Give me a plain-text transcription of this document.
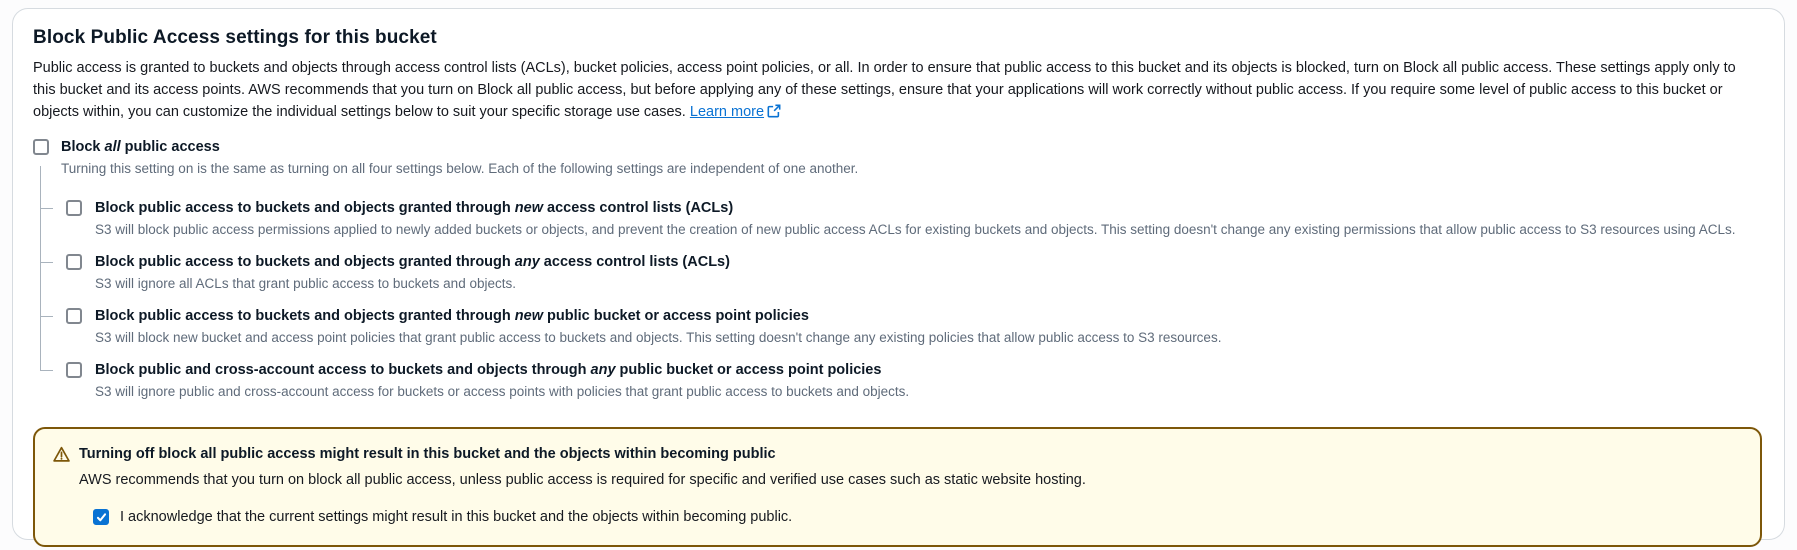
Block Public Access settings for this bucket

Public access is granted to buckets and objects through access control lists (ACLs), bucket policies, access point policies, or all. In order to ensure that public access to this bucket and its objects is blocked, turn on Block all public access. These settings apply only to this bucket and its access points. AWS recommends that you turn on Block all public access, but before applying any of these settings, ensure that your applications will work correctly without public access. If you require some level of public access to this bucket or objects within, you can customize the individual settings below to suit your specific storage use cases. Learn more

Block all public access
Turning this setting on is the same as turning on all four settings below. Each of the following settings are independent of one another.
Block public access to buckets and objects granted through new access control lists (ACLs)
S3 will block public access permissions applied to newly added buckets or objects, and prevent the creation of new public access ACLs for existing buckets and objects. This setting doesn't change any existing permissions that allow public access to S3 resources using ACLs.
Block public access to buckets and objects granted through any access control lists (ACLs)
S3 will ignore all ACLs that grant public access to buckets and objects.
Block public access to buckets and objects granted through new public bucket or access point policies
S3 will block new bucket and access point policies that grant public access to buckets and objects. This setting doesn't change any existing policies that allow public access to S3 resources.
Block public and cross-account access to buckets and objects through any public bucket or access point policies
S3 will ignore public and cross-account access for buckets or access points with policies that grant public access to buckets and objects.
Turning off block all public access might result in this bucket and the objects within becoming public
AWS recommends that you turn on block all public access, unless public access is required for specific and verified use cases such as static website hosting.
I acknowledge that the current settings might result in this bucket and the objects within becoming public.
